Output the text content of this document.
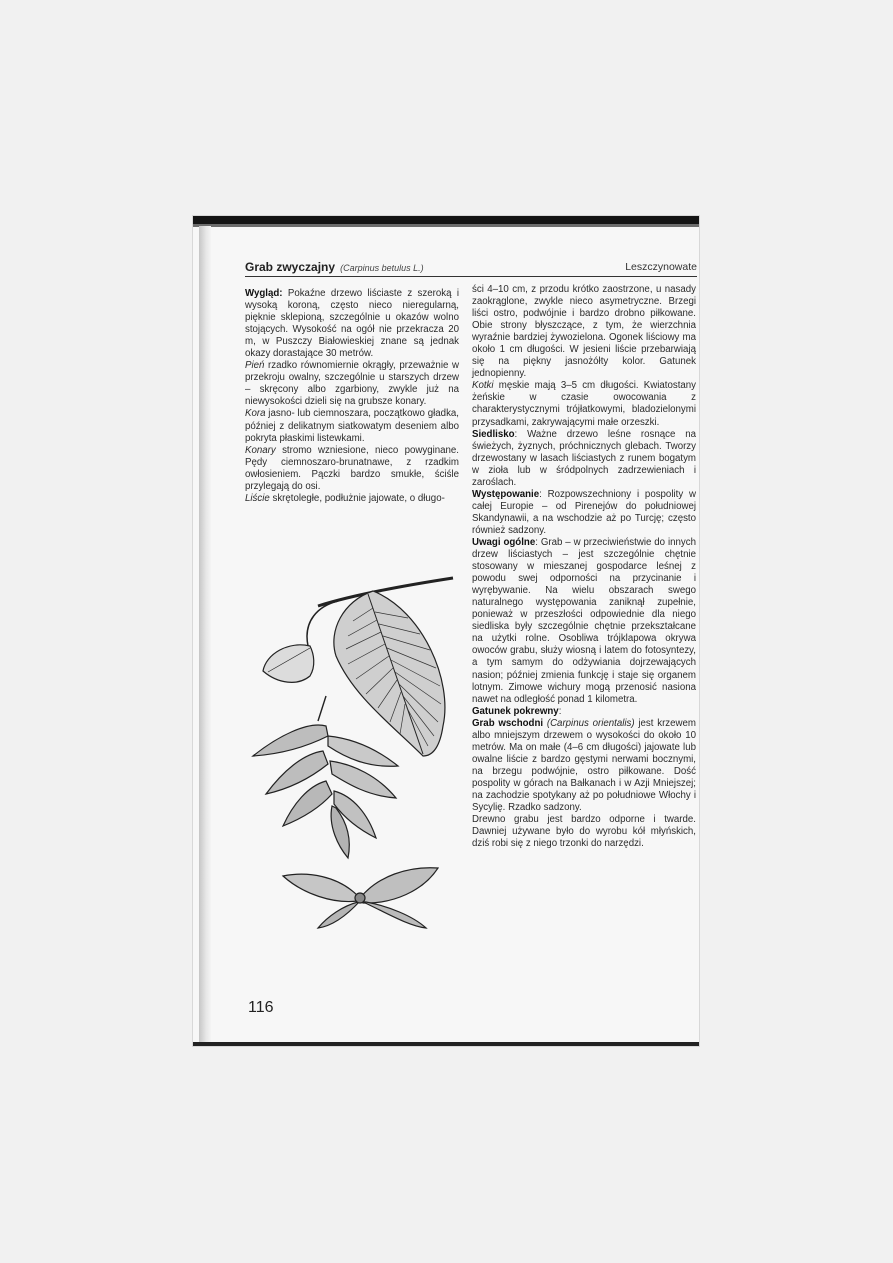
Grab zwyczajny (Carpinus betulus L.)	Leszczynowate

Wygląd: Pokaźne drzewo liściaste z szeroką i wysoką koroną, często nieco nieregularną, pięknie sklepioną, szczególnie u okazów wolno stojących. Wysokość na ogół nie przekracza 20 m, w Puszczy Białowieskiej znane są jednak okazy dorastające 30 metrów.

Pień rzadko równomiernie okrągły, przeważnie w przekroju owalny, szczególnie u starszych drzew – skręcony albo zgarbiony, zwykle już na niewysokości dzieli się na grubsze konary.

Kora jasno- lub ciemnoszara, początkowo gładka, później z delikatnym siatkowatym deseniem albo pokryta płaskimi listewkami.

Konary stromo wzniesione, nieco powyginane. Pędy ciemnoszaro-brunatnawe, z rzadkim owłosieniem. Pączki bardzo smukłe, ściśle przylegają do osi.

Liście skrętoległe, podłużnie jajowate, o długo-

ści 4–10 cm, z przodu krótko zaostrzone, u nasady zaokrąglone, zwykle nieco asymetryczne. Brzegi liści ostro, podwójnie i bardzo drobno piłkowane. Obie strony błyszczące, z tym, że wierzchnia wyraźnie bardziej żywozielona. Ogonek liściowy ma około 1 cm długości. W jesieni liście przebarwiają się na piękny jasnożółty kolor. Gatunek jednopienny.

Kotki męskie mają 3–5 cm długości. Kwiatostany żeńskie w czasie owocowania z charakterystycznymi trójłatkowymi, bladozielonymi przysadkami, zakrywającymi małe orzeszki.

Siedlisko: Ważne drzewo leśne rosnące na świeżych, żyznych, próchnicznych glebach. Tworzy drzewostany w lasach liściastych z runem bogatym w zioła lub w śródpolnych zadrzewieniach i zaroślach.

Występowanie: Rozpowszechniony i pospolity w całej Europie – od Pirenejów do południowej Skandynawii, a na wschodzie aż po Turcję; często również sadzony.

Uwagi ogólne: Grab – w przeciwieństwie do innych drzew liściastych – jest szczególnie chętnie stosowany w mieszanej gospodarce leśnej z powodu swej odporności na przycinanie i wyrębywanie. Na wielu obszarach swego naturalnego występowania zaniknął zupełnie, ponieważ w przeszłości odpowiednie dla niego siedliska były szczególnie chętnie przekształcane na użytki rolne. Osobliwa trójklapowa okrywa owoców grabu, służy wiosną i latem do fotosyntezy, a tym samym do odżywiania dojrzewających nasion; później zmienia funkcję i staje się organem lotnym. Zimowe wichury mogą przenosić nasiona nawet na odległość ponad 1 kilometra.

Gatunek pokrewny:

Grab wschodni (Carpinus orientalis) jest krzewem albo mniejszym drzewem o wysokości do około 10 metrów. Ma on małe (4–6 cm długości) jajowate lub owalne liście z bardzo gęstymi nerwami bocznymi, na brzegu podwójnie, ostro piłkowane. Dość pospolity w górach na Bałkanach i w Azji Mniejszej; na zachodzie spotykany aż po południowe Włochy i Sycylię. Rzadko sadzony.

Drewno grabu jest bardzo odporne i twarde. Dawniej używane było do wyrobu kół młyńskich, dziś robi się z niego trzonki do narzędzi.

116
